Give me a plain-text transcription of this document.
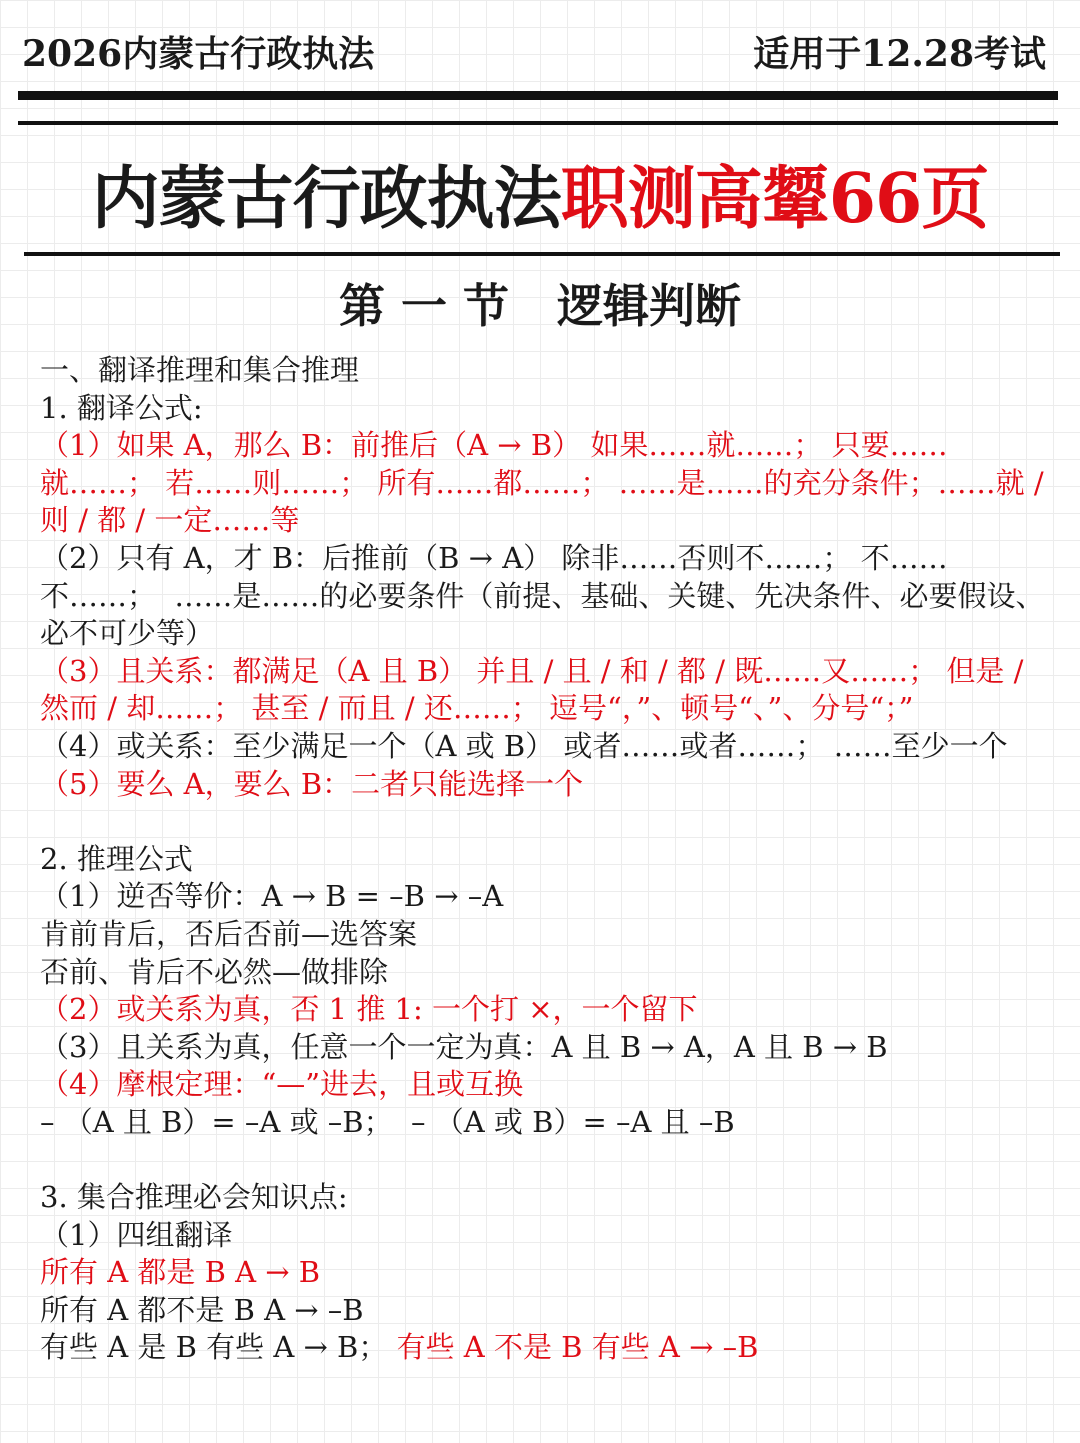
2026内蒙古行政执法	适用于12.28考试
内蒙古行政执法职测高颦66页
第 一 节   逻辑判断
一、翻译推理和集合推理
1. 翻译公式:
（1）如果 A，那么 B：前推后（A → B） 如果……就……； 只要……就……； 若……则……； 所有……都……； ……是……的充分条件；……就 / 则 / 都 / 一定……等
（2）只有 A，才 B：后推前（B → A） 除非……否则不……； 不……不……；  ……是……的必要条件（前提、基础、关键、先决条件、必要假设、必不可少等）
（3）且关系：都满足（A 且 B） 并且 / 且 / 和 / 都 / 既……又……； 但是 / 然而 / 却……； 甚至 / 而且 / 还……； 逗号“，”、顿号“、”、分号“；”
（4）或关系：至少满足一个（A 或 B） 或者……或者……； ……至少一个
（5）要么 A，要么 B：二者只能选择一个
2. 推理公式
（1）逆否等价：A → B = –B → –A
肯前肯后，否后否前—选答案
否前、肯后不必然—做排除
（2）或关系为真，否 1 推 1: 一个打 ×，一个留下
（3）且关系为真，任意一个一定为真：A 且 B → A，A 且 B → B
（4）摩根定理：“—”进去，且或互换
– （A 且 B）= –A 或 –B；  – （A 或 B）= –A 且 –B
3. 集合推理必会知识点:
（1）四组翻译
所有 A 都是 B A → B
所有 A 都不是 B A → –B
有些 A 是 B 有些 A → B； 有些 A 不是 B 有些 A → –B
